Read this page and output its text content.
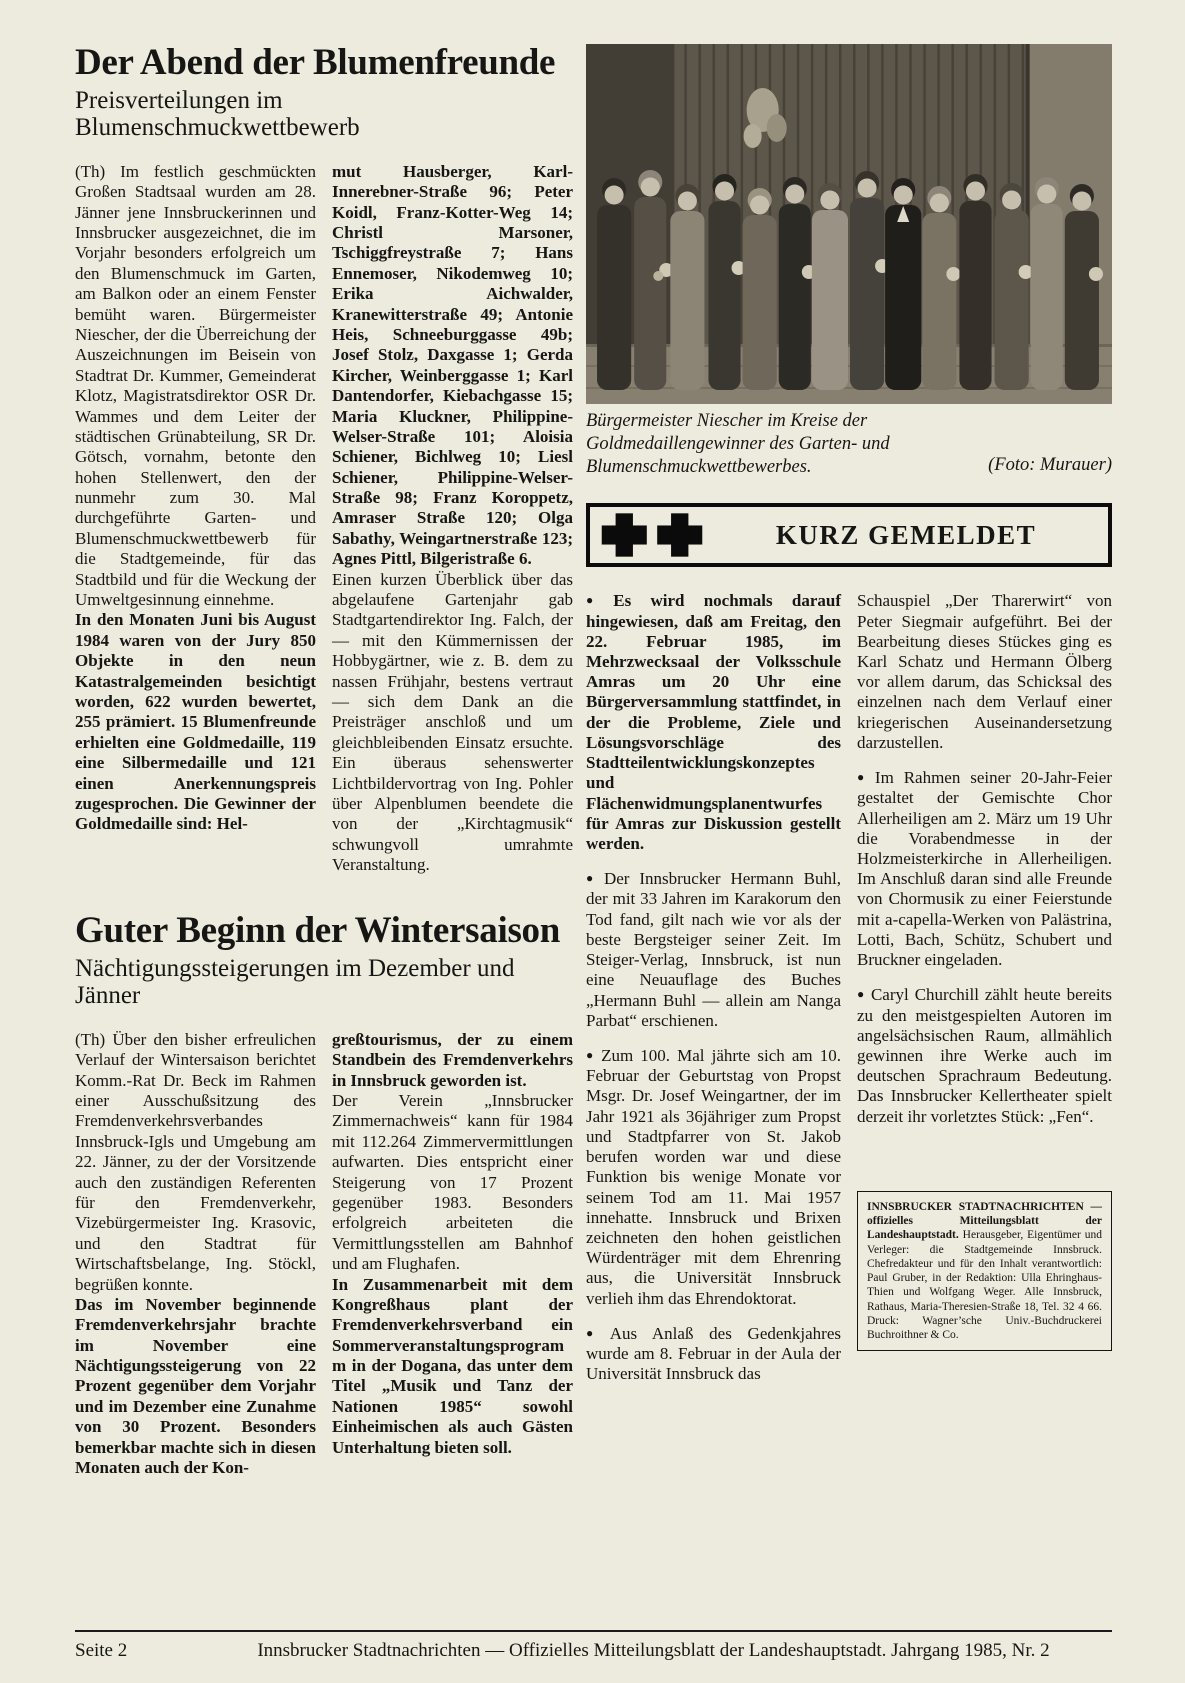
Der Abend der Blumenfreunde
Preisverteilungen im Blumenschmuckwettbewerb

(Th) Im festlich geschmückten Großen Stadtsaal wurden am 28. Jänner jene Innsbruckerinnen und Innsbrucker ausgezeichnet, die im Vorjahr besonders erfolgreich um den Blumenschmuck im Garten, am Balkon oder an einem Fenster bemüht waren. Bürgermeister Niescher, der die Überreichung der Auszeichnungen im Beisein von Stadtrat Dr. Kummer, Gemeinderat Klotz, Magistratsdirektor OSR Dr. Wammes und dem Leiter der städtischen Grünabteilung, SR Dr. Götsch, vornahm, betonte den hohen Stellenwert, den der nunmehr zum 30. Mal durchgeführte Garten- und Blumenschmuckwettbewerb für die Stadtgemeinde, für das Stadtbild und für die Weckung der Umweltgesinnung einnehme.

In den Monaten Juni bis August 1984 waren von der Jury 850 Objekte in den neun Katastralgemeinden besichtigt worden, 622 wurden bewertet, 255 prämiert. 15 Blumenfreunde erhielten eine Goldmedaille, 119 eine Silbermedaille und 121 einen Anerkennungspreis zugesprochen. Die Gewinner der Goldmedaille sind: Hel-

mut Hausberger, Karl-Innerebner-Straße 96; Peter Koidl, Franz-Kotter-Weg 14; Christl Marsoner, Tschiggfreystraße 7; Hans Ennemoser, Nikodemweg 10; Erika Aichwalder, Kranewitterstraße 49; Antonie Heis, Schneeburggasse 49b; Josef Stolz, Daxgasse 1; Gerda Kircher, Weinberggasse 1; Karl Dantendorfer, Kiebachgasse 15; Maria Kluckner, Philippine-Welser-Straße 101; Aloisia Schiener, Bichlweg 10; Liesl Schiener, Philippine-Welser-Straße 98; Franz Koroppetz, Amraser Straße 120; Olga Sabathy, Weingartnerstraße 123; Agnes Pittl, Bilgeristraße 6.

Einen kurzen Überblick über das abgelaufene Gartenjahr gab Stadtgartendirektor Ing. Falch, der — mit den Kümmernissen der Hobbygärtner, wie z. B. dem zu nassen Frühjahr, bestens vertraut — sich dem Dank an die Preisträger anschloß und um gleichbleibenden Einsatz ersuchte. Ein überaus sehenswerter Lichtbildervortrag von Ing. Pohler über Alpenblumen beendete die von der „Kirchtagmusik“ schwungvoll umrahmte Veranstaltung.

Bürgermeister Niescher im Kreise der Goldmedaillengewinner des Garten- und Blumenschmuckwettbewerbes.	(Foto: Murauer)
KURZ GEMELDET

● Es wird nochmals darauf hingewiesen, daß am Freitag, den 22. Februar 1985, im Mehrzwecksaal der Volksschule Amras um 20 Uhr eine Bürgerversammlung stattfindet, in der die Probleme, Ziele und Lösungsvorschläge des Stadtteilentwicklungskonzeptes und Flächenwidmungsplanentwurfes für Amras zur Diskussion gestellt werden.

● Der Innsbrucker Hermann Buhl, der mit 33 Jahren im Karakorum den Tod fand, gilt nach wie vor als der beste Bergsteiger seiner Zeit. Im Steiger-Verlag, Innsbruck, ist nun eine Neuauflage des Buches „Hermann Buhl — allein am Nanga Parbat“ erschienen.

● Zum 100. Mal jährte sich am 10. Februar der Geburtstag von Propst Msgr. Dr. Josef Weingartner, der im Jahr 1921 als 36jähriger zum Propst und Stadtpfarrer von St. Jakob berufen worden war und diese Funktion bis wenige Monate vor seinem Tod am 11. Mai 1957 innehatte. Innsbruck und Brixen zeichneten den hohen geistlichen Würdenträger mit dem Ehrenring aus, die Universität Innsbruck verlieh ihm das Ehrendoktorat.

● Aus Anlaß des Gedenkjahres wurde am 8. Februar in der Aula der Universität Innsbruck das

Schauspiel „Der Tharerwirt“ von Peter Siegmair aufgeführt. Bei der Bearbeitung dieses Stückes ging es Karl Schatz und Hermann Ölberg vor allem darum, das Schicksal des einzelnen nach dem Verlauf einer kriegerischen Auseinandersetzung darzustellen.

● Im Rahmen seiner 20-Jahr-Feier gestaltet der Gemischte Chor Allerheiligen am 2. März um 19 Uhr die Vorabendmesse in der Holzmeisterkirche in Allerheiligen. Im Anschluß daran sind alle Freunde von Chormusik zu einer Feierstunde mit a-capella-Werken von Palästrina, Lotti, Bach, Schütz, Schubert und Bruckner eingeladen.

● Caryl Churchill zählt heute bereits zu den meistgespielten Autoren im angelsächsischen Raum, allmählich gewinnen ihre Werke auch im deutschen Sprachraum Bedeutung. Das Innsbrucker Kellertheater spielt derzeit ihr vorletztes Stück: „Fen“.

INNSBRUCKER STADTNACHRICHTEN — offizielles Mitteilungsblatt der Landeshauptstadt. Herausgeber, Eigentümer und Verleger: die Stadtgemeinde Innsbruck. Chefredakteur und für den Inhalt verantwortlich: Paul Gruber, in der Redaktion: Ulla Ehringhaus-Thien und Wolfgang Weger. Alle Innsbruck, Rathaus, Maria-Theresien-Straße 18, Tel. 32 4 66. Druck: Wagner’sche Univ.-Buchdruckerei Buchroithner & Co.
Guter Beginn der Wintersaison
Nächtigungssteigerungen im Dezember und Jänner

(Th) Über den bisher erfreulichen Verlauf der Wintersaison berichtet Komm.-Rat Dr. Beck im Rahmen einer Ausschußsitzung des Fremdenverkehrsverbandes Innsbruck-Igls und Umgebung am 22. Jänner, zu der der Vorsitzende auch den zuständigen Referenten für den Fremdenverkehr, Vizebürgermeister Ing. Krasovic, und den Stadtrat für Wirtschaftsbelange, Ing. Stöckl, begrüßen konnte.

Das im November beginnende Fremdenverkehrsjahr brachte im November eine Nächtigungssteigerung von 22 Prozent gegenüber dem Vorjahr und im Dezember eine Zunahme von 30 Prozent. Besonders bemerkbar machte sich in diesen Monaten auch der Kon-

greßtourismus, der zu einem Standbein des Fremdenverkehrs in Innsbruck geworden ist.

Der Verein „Innsbrucker Zimmernachweis“ kann für 1984 mit 112.264 Zimmervermittlungen aufwarten. Dies entspricht einer Steigerung von 17 Prozent gegenüber 1983. Besonders erfolgreich arbeiteten die Vermittlungsstellen am Bahnhof und am Flughafen.

In Zusammenarbeit mit dem Kongreßhaus plant der Fremdenverkehrsverband ein Sommerveranstaltungsprogramm in der Dogana, das unter dem Titel „Musik und Tanz der Nationen 1985“ sowohl Einheimischen als auch Gästen Unterhaltung bieten soll.

Seite 2	Innsbrucker Stadtnachrichten — Offizielles Mitteilungsblatt der Landeshauptstadt. Jahrgang 1985, Nr. 2
